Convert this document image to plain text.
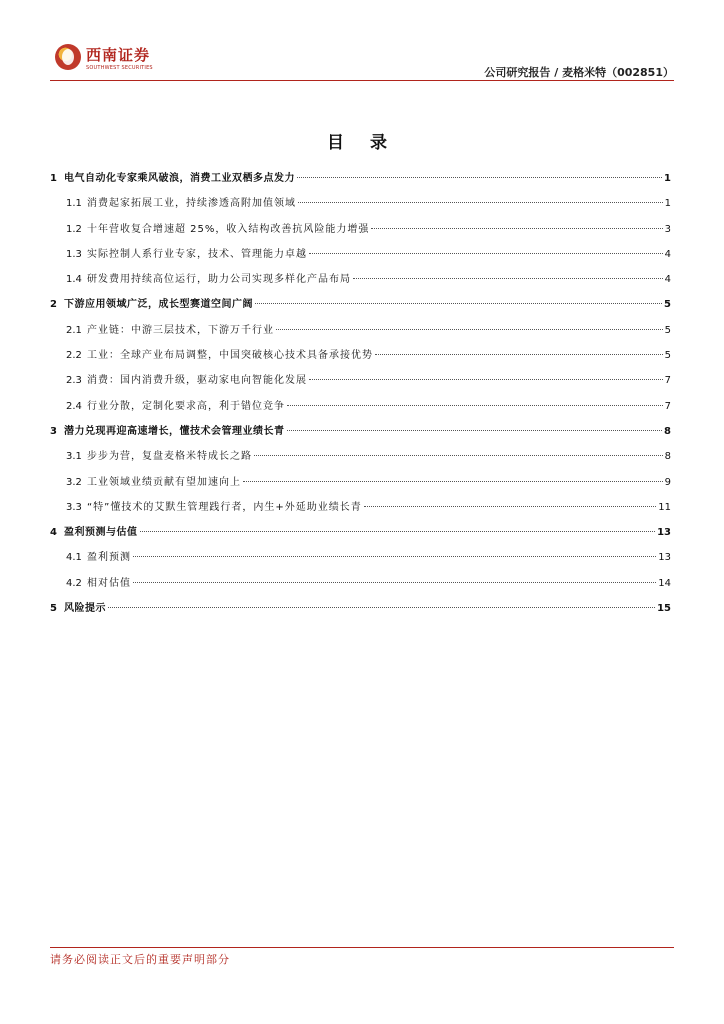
西南证券
SOUTHWEST SECURITIES	公司研究报告 / 麦格米特（002851）
目 录
1 电气自动化专家乘风破浪，消费工业双栖多点发力	1
1.1 消费起家拓展工业，持续渗透高附加值领域	1
1.2 十年营收复合增速超 25%，收入结构改善抗风险能力增强	3
1.3 实际控制人系行业专家，技术、管理能力卓越	4
1.4 研发费用持续高位运行，助力公司实现多样化产品布局	4
2 下游应用领域广泛，成长型赛道空间广阔	5
2.1 产业链：中游三层技术，下游万千行业	5
2.2 工业：全球产业布局调整，中国突破核心技术具备承接优势	5
2.3 消费：国内消费升级，驱动家电向智能化发展	7
2.4 行业分散，定制化要求高，利于错位竞争	7
3 潜力兑现再迎高速增长，懂技术会管理业绩长青	8
3.1 步步为营，复盘麦格米特成长之路	8
3.2 工业领域业绩贡献有望加速向上	9
3.3 “特”懂技术的艾默生管理践行者，内生+外延助业绩长青	11
4 盈利预测与估值	13
4.1 盈利预测	13
4.2 相对估值	14
5 风险提示	15
请务必阅读正文后的重要声明部分
